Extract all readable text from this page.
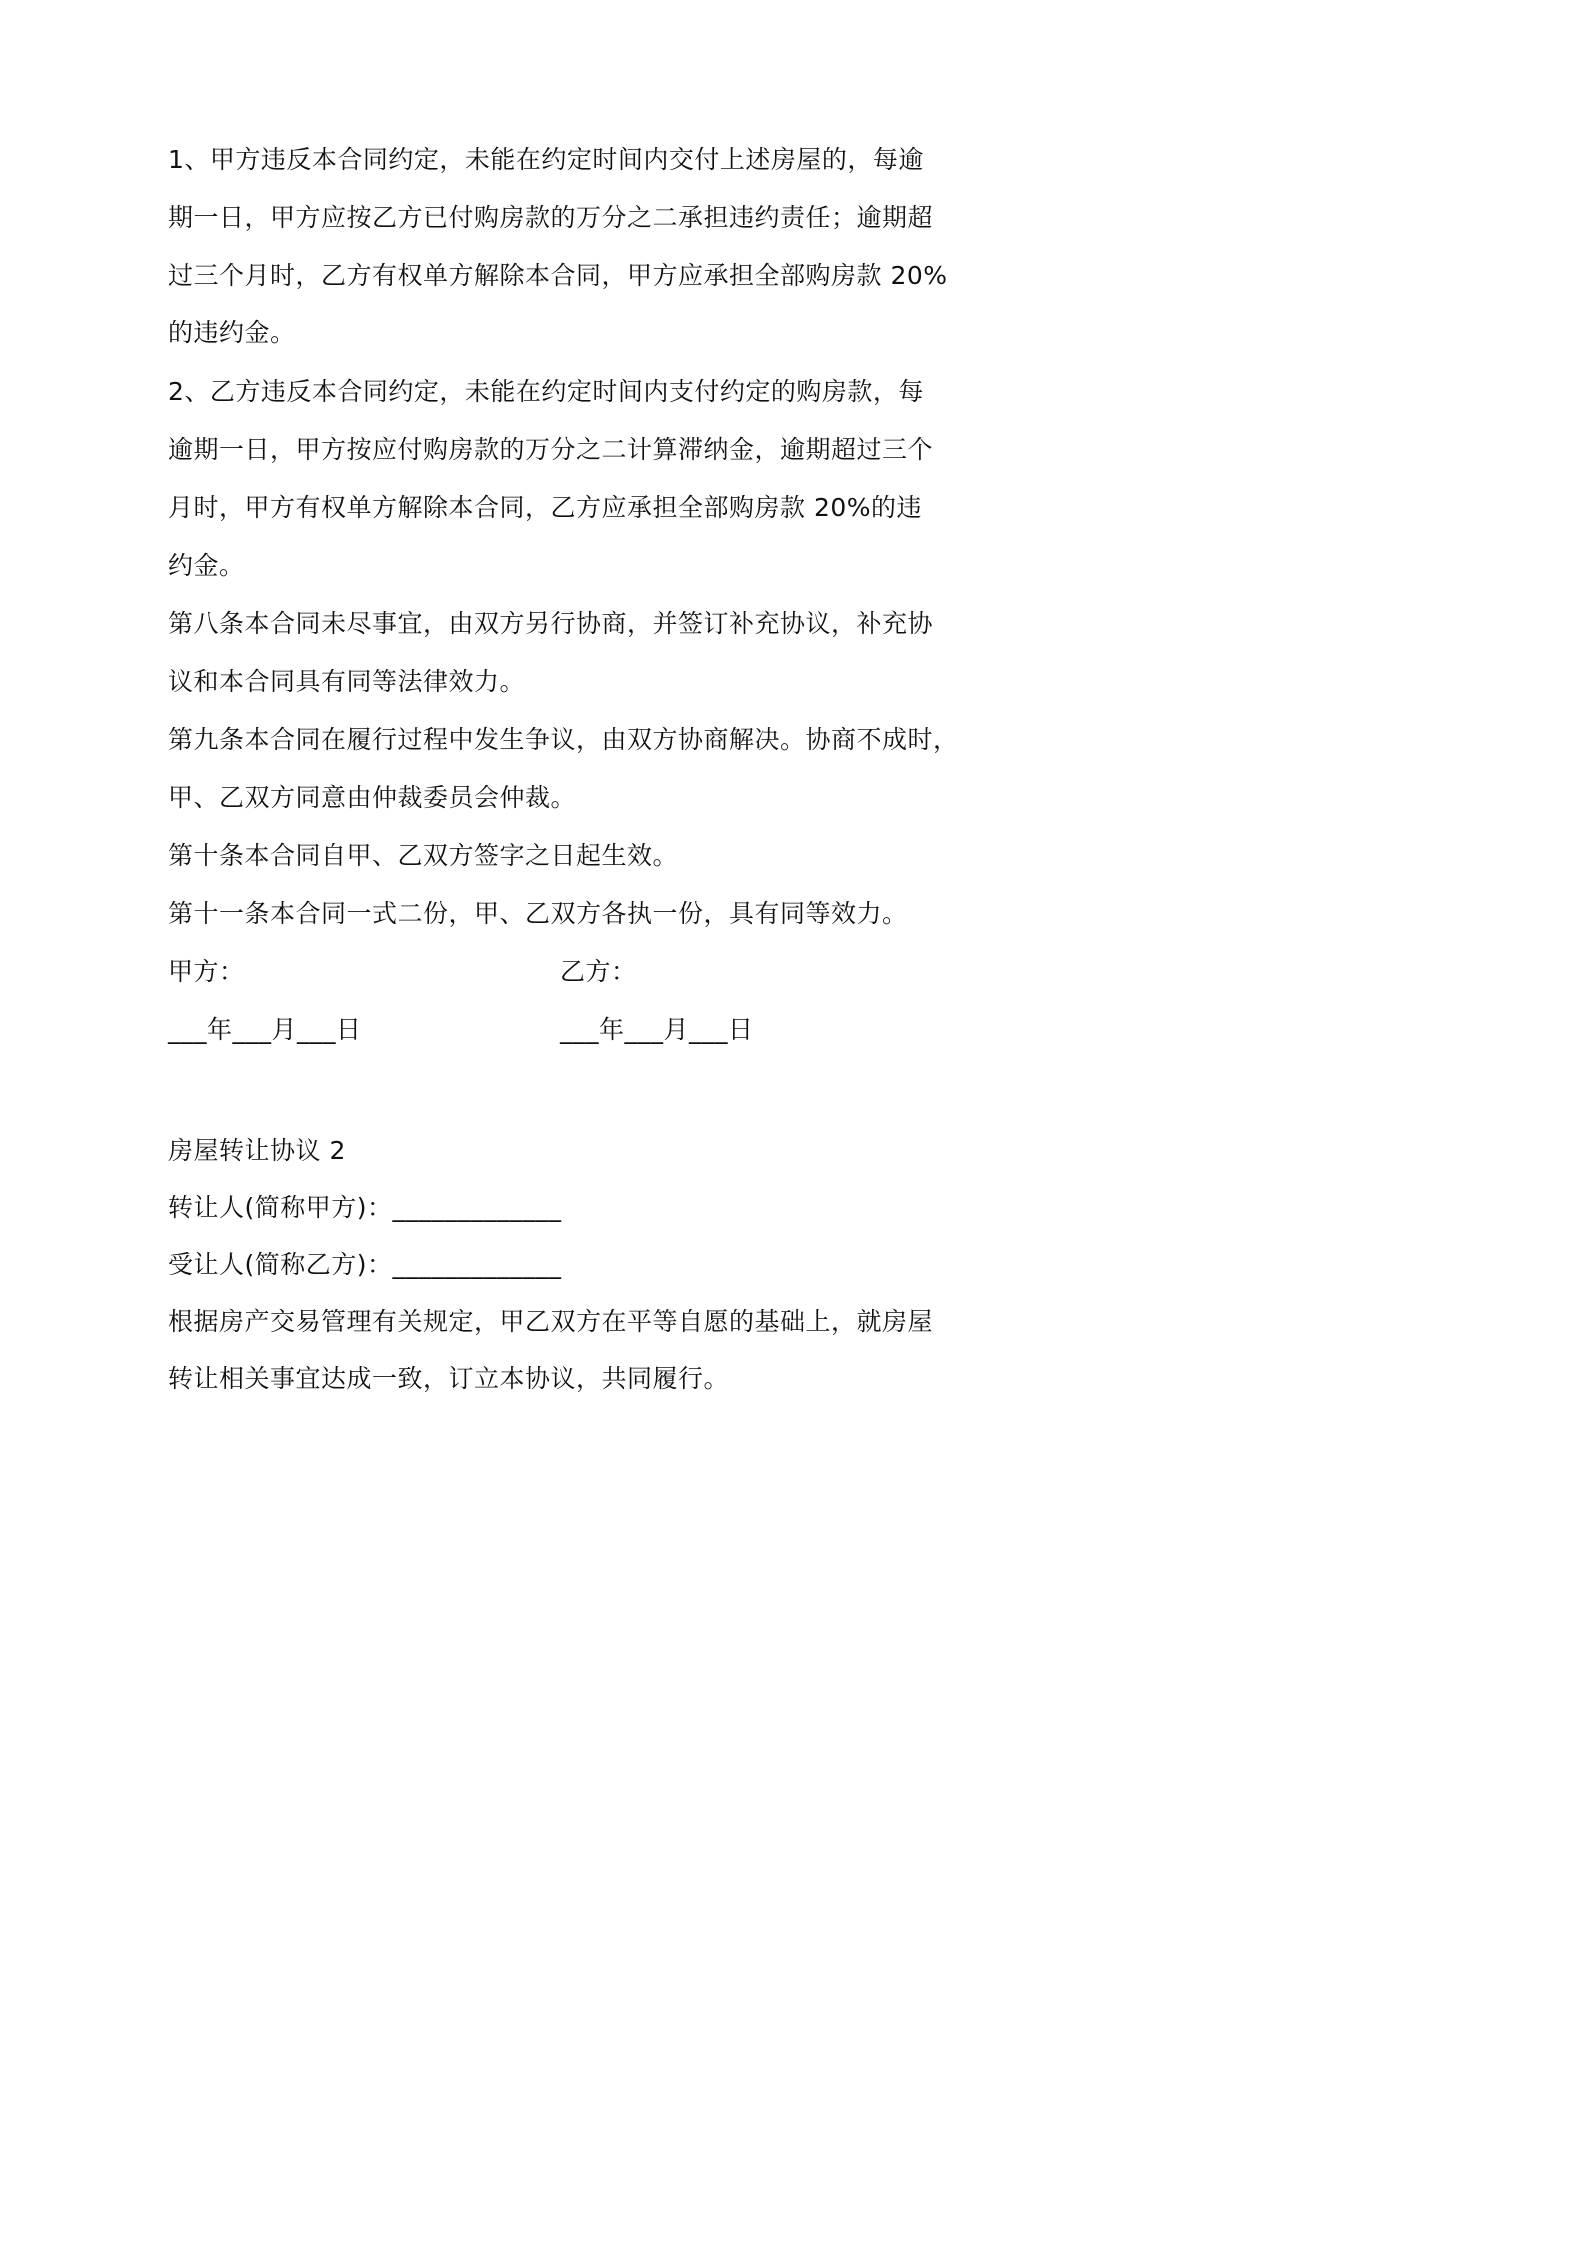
1、甲方违反本合同约定，未能在约定时间内交付上述房屋的，每逾
期一日，甲方应按乙方已付购房款的万分之二承担违约责任；逾期超
过三个月时，乙方有权单方解除本合同，甲方应承担全部购房款 20%
的违约金。
2、乙方违反本合同约定，未能在约定时间内支付约定的购房款，每
逾期一日，甲方按应付购房款的万分之二计算滞纳金，逾期超过三个
月时，甲方有权单方解除本合同，乙方应承担全部购房款 20%的违
约金。
第八条本合同未尽事宜，由双方另行协商，并签订补充协议，补充协
议和本合同具有同等法律效力。
第九条本合同在履行过程中发生争议，由双方协商解决。协商不成时，
甲、乙双方同意由仲裁委员会仲裁。
第十条本合同自甲、乙双方签字之日起生效。
第十一条本合同一式二份，甲、乙双方各执一份，具有同等效力。
甲方：	乙方：
___年___月___日	___年___月___日
房屋转让协议 2
转让人(简称甲方)：_____________
受让人(简称乙方)：_____________
根据房产交易管理有关规定，甲乙双方在平等自愿的基础上，就房屋
转让相关事宜达成一致，订立本协议，共同履行。
